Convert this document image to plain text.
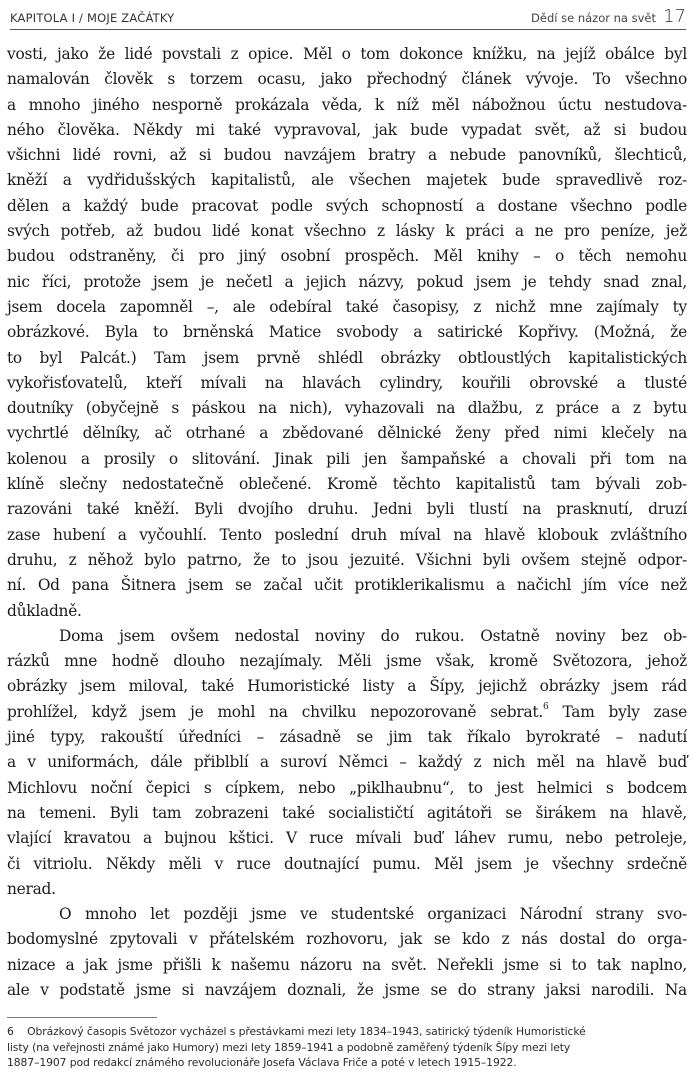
KAPITOLA I / MOJE ZAČÁTKY	Dědí se názor na svět 17
vosti, jako že lidé povstali z opice. Měl o tom dokonce knížku, na jejíž obálce byl
namalován člověk s torzem ocasu, jako přechodný článek vývoje. To všechno
a mnoho jiného nesporně prokázala věda, k níž měl nábožnou úctu nestudova-
ného člověka. Někdy mi také vypravoval, jak bude vypadat svět, až si budou
všichni lidé rovni, až si budou navzájem bratry a nebude panovníků, šlechticů,
kněží a vydřidušských kapitalistů, ale všechen majetek bude spravedlivě roz-
dělen a každý bude pracovat podle svých schopností a dostane všechno podle
svých potřeb, až budou lidé konat všechno z lásky k práci a ne pro peníze, jež
budou odstraněny, či pro jiný osobní prospěch. Měl knihy – o těch nemohu
nic říci, protože jsem je nečetl a jejich názvy, pokud jsem je tehdy snad znal,
jsem docela zapomněl –, ale odebíral také časopisy, z nichž mne zajímaly ty
obrázkové. Byla to brněnská Matice svobody a satirické Kopřivy. (Možná, že
to byl Palcát.) Tam jsem prvně shlédl obrázky obtloustlých kapitalistických
vykořisťovatelů, kteří mívali na hlavách cylindry, kouřili obrovské a tlusté
doutníky (obyčejně s páskou na nich), vyhazovali na dlažbu, z práce a z bytu
vychrtlé dělníky, ač otrhané a zbědované dělnické ženy před nimi klečely na
kolenou a prosily o slitování. Jinak pili jen šampaňské a chovali při tom na
klíně slečny nedostatečně oblečené. Kromě těchto kapitalistů tam bývali zob-
razováni také kněží. Byli dvojího druhu. Jedni byli tlustí na prasknutí, druzí
zase hubení a vyčouhlí. Tento poslední druh míval na hlavě klobouk zvláštního
druhu, z něhož bylo patrno, že to jsou jezuité. Všichni byli ovšem stejně odpor-
ní. Od pana Šitnera jsem se začal učit protiklerikalismu a načichl jím více než
důkladně.
Doma jsem ovšem nedostal noviny do rukou. Ostatně noviny bez ob-
rázků mne hodně dlouho nezajímaly. Měli jsme však, kromě Světozora, jehož
obrázky jsem miloval, také Humoristické listy a Šípy, jejichž obrázky jsem rád
prohlížel, když jsem je mohl na chvilku nepozorovaně sebrat.$^6$ Tam byly zase
jiné typy, rakouští úředníci – zásadně se jim tak říkalo byrokraté – nadutí
a v uniformách, dále přiblblí a suroví Němci – každý z nich měl na hlavě buď
Michlovu noční čepici s cípkem, nebo „piklhaubnu“, to jest helmici s bodcem
na temeni. Byli tam zobrazeni také socialističtí agitátoři se širákem na hlavě,
vlající kravatou a bujnou kštici. V ruce mívali buď láhev rumu, nebo petroleje,
či vitriolu. Někdy měli v ruce doutnající pumu. Měl jsem je všechny srdečně
nerad.
O mnoho let později jsme ve studentské organizaci Národní strany svo-
bodomyslné zpytovali v přátelském rozhovoru, jak se kdo z nás dostal do orga-
nizace a jak jsme přišli k našemu názoru na svět. Neřekli jsme si to tak naplno,
ale v podstatě jsme si navzájem doznali, že jsme se do strany jaksi narodili. Na
6    Obrázkový časopis Světozor vycházel s přestávkami mezi lety 1834–1943, satirický týdeník Humoristické
listy (na veřejnosti známé jako Humory) mezi lety 1859–1941 a podobně zaměřený týdeník Šípy mezi lety
1887–1907 pod redakcí známého revolucionáře Josefa Václava Friče a poté v letech 1915–1922.
